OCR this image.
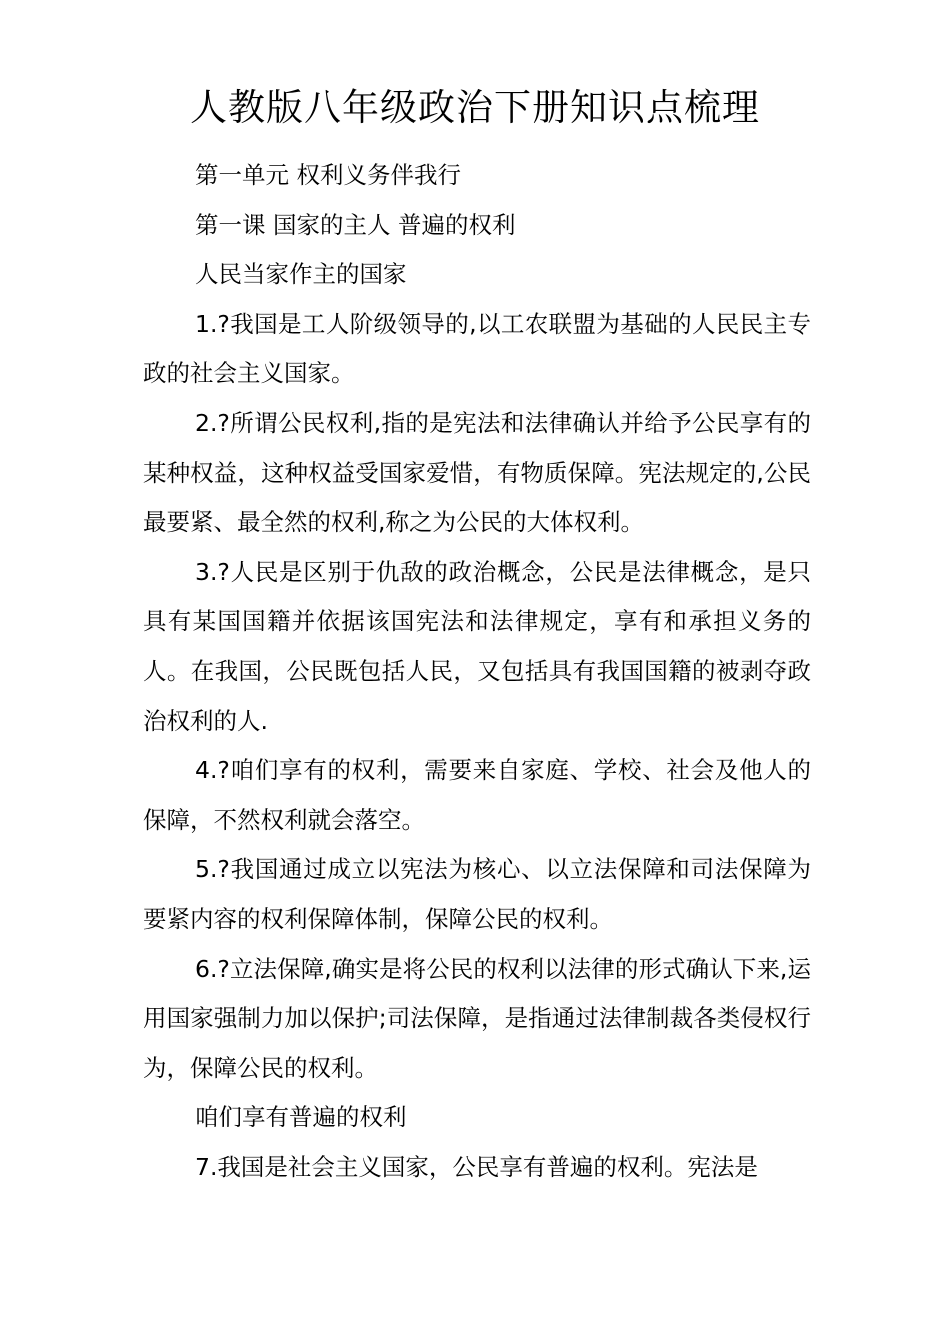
人教版八年级政治下册知识点梳理

第一单元 权利义务伴我行

第一课 国家的主人 普遍的权利

人民当家作主的国家

1.?我国是工人阶级领导的,以工农联盟为基础的人民民主专政的社会主义国家。

2.?所谓公民权利,指的是宪法和法律确认并给予公民享有的某种权益，这种权益受国家爱惜，有物质保障。宪法规定的,公民最要紧、最全然的权利,称之为公民的大体权利。

3.?人民是区别于仇敌的政治概念，公民是法律概念，是只具有某国国籍并依据该国宪法和法律规定，享有和承担义务的人。在我国，公民既包括人民，又包括具有我国国籍的被剥夺政治权利的人.

4.?咱们享有的权利，需要来自家庭、学校、社会及他人的保障，不然权利就会落空。

5.?我国通过成立以宪法为核心、以立法保障和司法保障为要紧内容的权利保障体制，保障公民的权利。

6.?立法保障,确实是将公民的权利以法律的形式确认下来,运用国家强制力加以保护;司法保障，是指通过法律制裁各类侵权行为，保障公民的权利。

咱们享有普遍的权利

7.我国是社会主义国家，公民享有普遍的权利。宪法是
